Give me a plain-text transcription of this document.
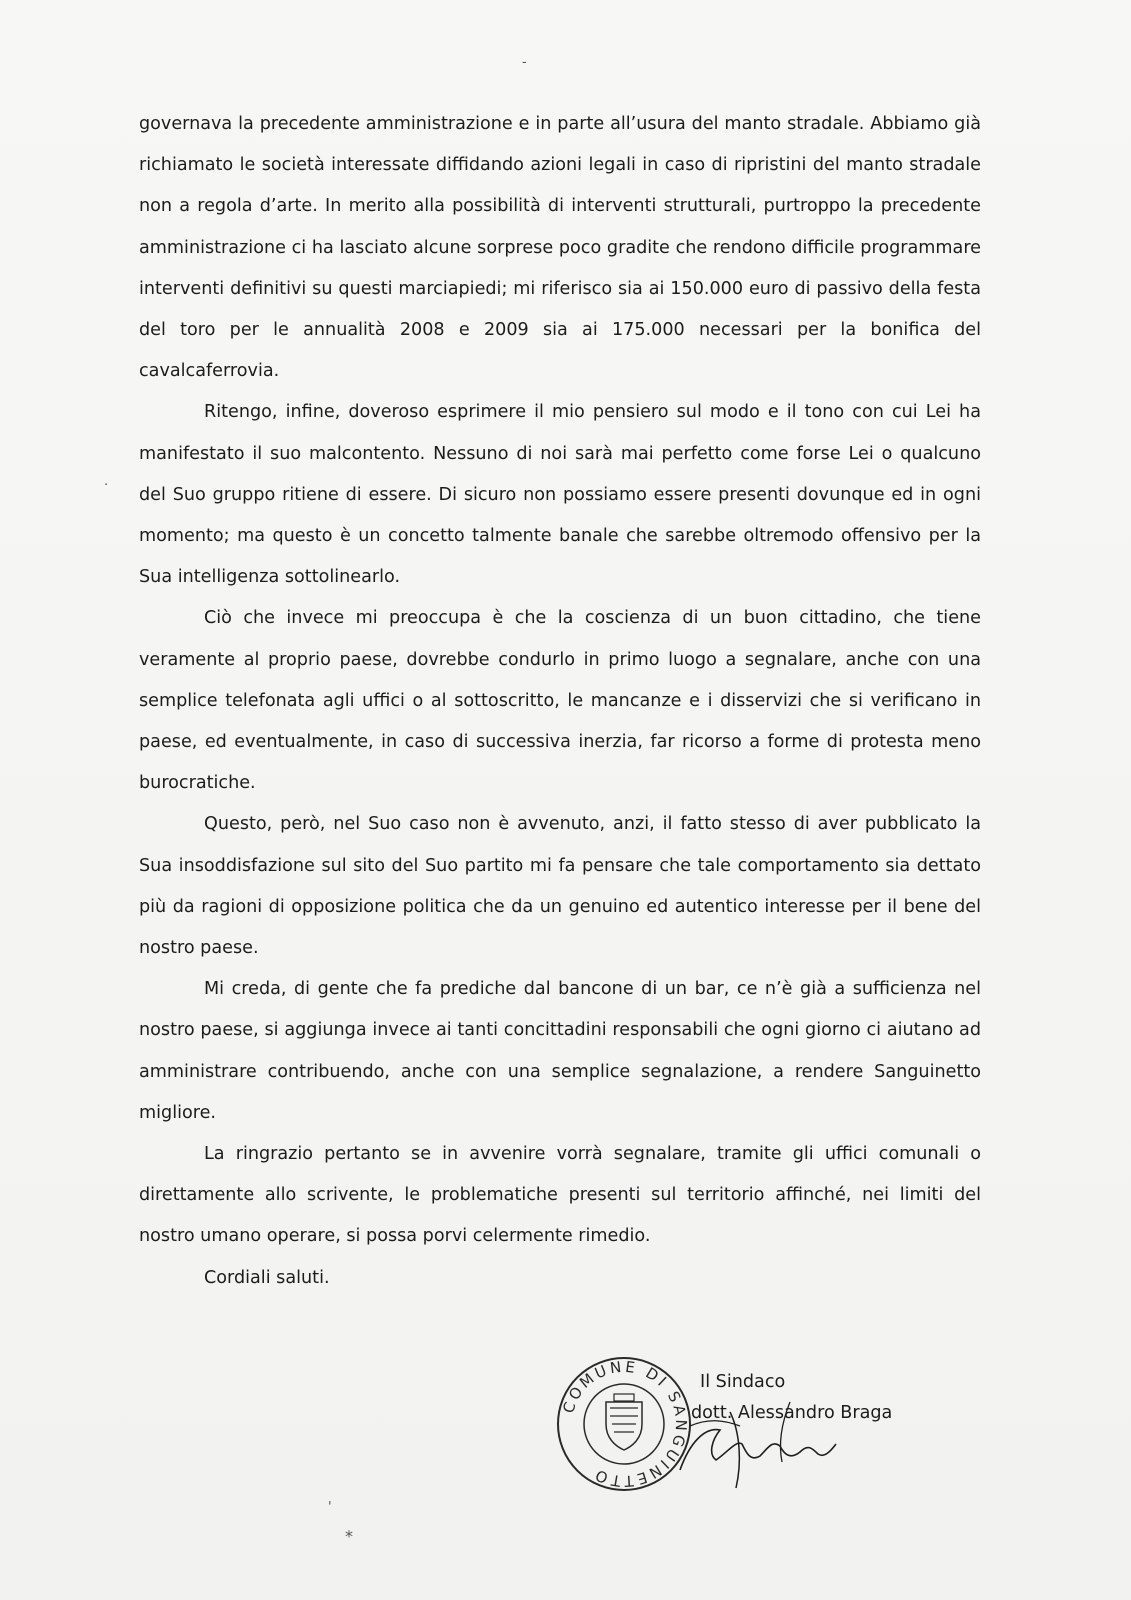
-
·

governava la precedente amministrazione e in parte all’usura del manto stradale. Abbiamo già richiamato le società interessate diffidando azioni legali in caso di ripristini del manto stradale non a regola d’arte. In merito alla possibilità di interventi strutturali, purtroppo la precedente amministrazione ci ha lasciato alcune sorprese poco gradite che rendono difficile programmare interventi definitivi su questi marciapiedi; mi riferisco sia ai 150.000 euro di passivo della festa del toro per le annualità 2008 e 2009 sia ai 175.000 necessari per la bonifica del cavalcaferrovia.

Ritengo, infine, doveroso esprimere il mio pensiero sul modo e il tono con cui Lei ha manifestato il suo malcontento. Nessuno di noi sarà mai perfetto come forse Lei o qualcuno del Suo gruppo ritiene di essere. Di sicuro non possiamo essere presenti dovunque ed in ogni momento; ma questo è un concetto talmente banale che sarebbe oltremodo offensivo per la Sua intelligenza sottolinearlo.

Ciò che invece mi preoccupa è che la coscienza di un buon cittadino, che tiene veramente al proprio paese, dovrebbe condurlo in primo luogo a segnalare, anche con una semplice telefonata agli uffici o al sottoscritto, le mancanze e i disservizi che si verificano in paese, ed eventualmente, in caso di successiva inerzia, far ricorso a forme di protesta meno burocratiche.

Questo, però, nel Suo caso non è avvenuto, anzi, il fatto stesso di aver pubblicato la Sua insoddisfazione sul sito del Suo partito mi fa pensare che tale comportamento sia dettato più da ragioni di opposizione politica che da un genuino ed autentico interesse per il bene del nostro paese.

Mi creda, di gente che fa prediche dal bancone di un bar, ce n’è già a sufficienza nel nostro paese, si aggiunga invece ai tanti concittadini responsabili che ogni giorno ci aiutano ad amministrare contribuendo, anche con una semplice segnalazione, a rendere Sanguinetto migliore.

La ringrazio pertanto se in avvenire vorrà segnalare, tramite gli uffici comunali o direttamente allo scrivente, le problematiche presenti sul territorio affinché, nei limiti del nostro umano operare, si possa porvi celermente rimedio.

Cordiali saluti.

COMUNE DI SANGUINETTO
Il Sindaco
dott. Alessandro Braga
'
⁎
